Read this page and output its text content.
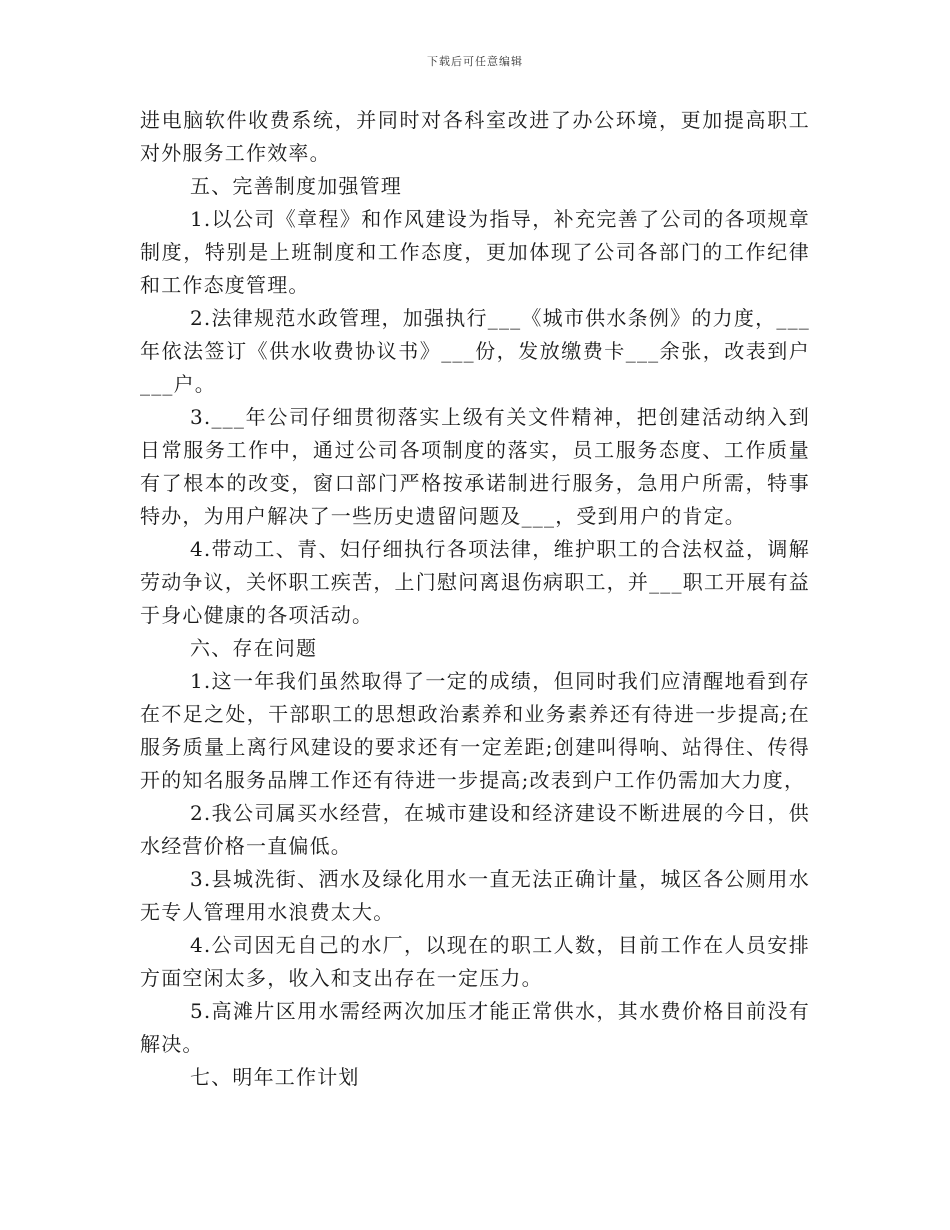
下载后可任意编辑

进电脑软件收费系统，并同时对各科室改进了办公环境，更加提高职工对外服务工作效率。

五、完善制度加强管理

1.以公司《章程》和作风建设为指导，补充完善了公司的各项规章制度，特别是上班制度和工作态度，更加体现了公司各部门的工作纪律和工作态度管理。

2.法律规范水政管理，加强执行___《城市供水条例》的力度，___年依法签订《供水收费协议书》___份，发放缴费卡___余张，改表到户___户。

3.___年公司仔细贯彻落实上级有关文件精神，把创建活动纳入到日常服务工作中，通过公司各项制度的落实，员工服务态度、工作质量有了根本的改变，窗口部门严格按承诺制进行服务，急用户所需，特事特办，为用户解决了一些历史遗留问题及___，受到用户的肯定。

4.带动工、青、妇仔细执行各项法律，维护职工的合法权益，调解劳动争议，关怀职工疾苦，上门慰问离退伤病职工，并___职工开展有益于身心健康的各项活动。

六、存在问题

1.这一年我们虽然取得了一定的成绩，但同时我们应清醒地看到存在不足之处，干部职工的思想政治素养和业务素养还有待进一步提高;在服务质量上离行风建设的要求还有一定差距;创建叫得响、站得住、传得开的知名服务品牌工作还有待进一步提高;改表到户工作仍需加大力度，

2.我公司属买水经营，在城市建设和经济建设不断进展的今日，供水经营价格一直偏低。

3.县城洗街、洒水及绿化用水一直无法正确计量，城区各公厕用水无专人管理用水浪费太大。

4.公司因无自己的水厂，以现在的职工人数，目前工作在人员安排方面空闲太多，收入和支出存在一定压力。

5.高滩片区用水需经两次加压才能正常供水，其水费价格目前没有解决。

七、明年工作计划
